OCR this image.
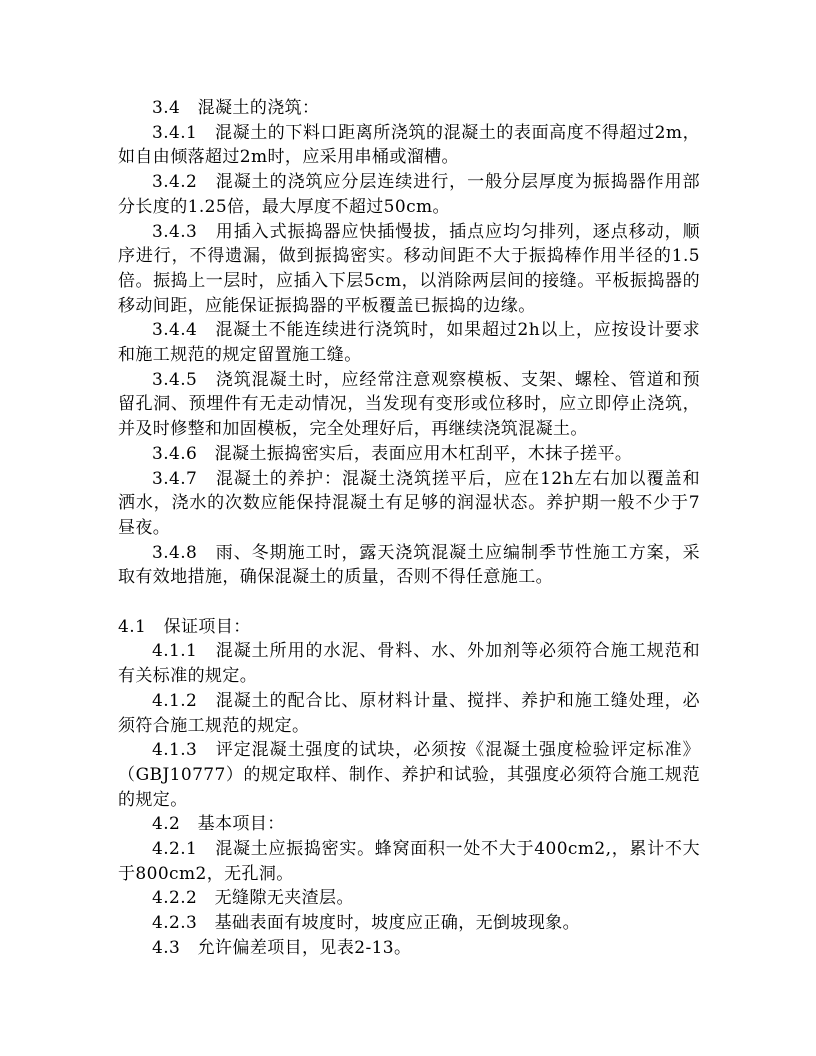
3.4　混凝土的浇筑：

3.4.1　混凝土的下料口距离所浇筑的混凝土的表面高度不得超过2m，如自由倾落超过2m时，应采用串桶或溜槽。

3.4.2　混凝土的浇筑应分层连续进行，一般分层厚度为振捣器作用部分长度的1.25倍，最大厚度不超过50cm。

3.4.3　用插入式振捣器应快插慢拔，插点应均匀排列，逐点移动，顺序进行，不得遗漏，做到振捣密实。移动间距不大于振捣棒作用半径的1.5倍。振捣上一层时，应插入下层5cm，以消除两层间的接缝。平板振捣器的移动间距，应能保证振捣器的平板覆盖已振捣的边缘。

3.4.4　混凝土不能连续进行浇筑时，如果超过2h以上，应按设计要求和施工规范的规定留置施工缝。

3.4.5　浇筑混凝土时，应经常注意观察模板、支架、螺栓、管道和预留孔洞、预埋件有无走动情况，当发现有变形或位移时，应立即停止浇筑，并及时修整和加固模板，完全处理好后，再继续浇筑混凝土。

3.4.6　混凝土振捣密实后，表面应用木杠刮平，木抹子搓平。

3.4.7　混凝土的养护：混凝土浇筑搓平后，应在12h左右加以覆盖和洒水，浇水的次数应能保持混凝土有足够的润湿状态。养护期一般不少于7昼夜。

3.4.8　雨、冬期施工时，露天浇筑混凝土应编制季节性施工方案，采取有效地措施，确保混凝土的质量，否则不得任意施工。

4.1　保证项目：

4.1.1　混凝土所用的水泥、骨料、水、外加剂等必须符合施工规范和有关标准的规定。

4.1.2　混凝土的配合比、原材料计量、搅拌、养护和施工缝处理，必须符合施工规范的规定。

4.1.3　评定混凝土强度的试块，必须按《混凝土强度检验评定标准》（GBJ10777）的规定取样、制作、养护和试验，其强度必须符合施工规范的规定。

4.2　基本项目：

4.2.1　混凝土应振捣密实。蜂窝面积一处不大于400cm2,，累计不大于800cm2，无孔洞。

4.2.2　无缝隙无夹渣层。

4.2.3　基础表面有坡度时，坡度应正确，无倒坡现象。

4.3　允许偏差项目，见表2-13。
